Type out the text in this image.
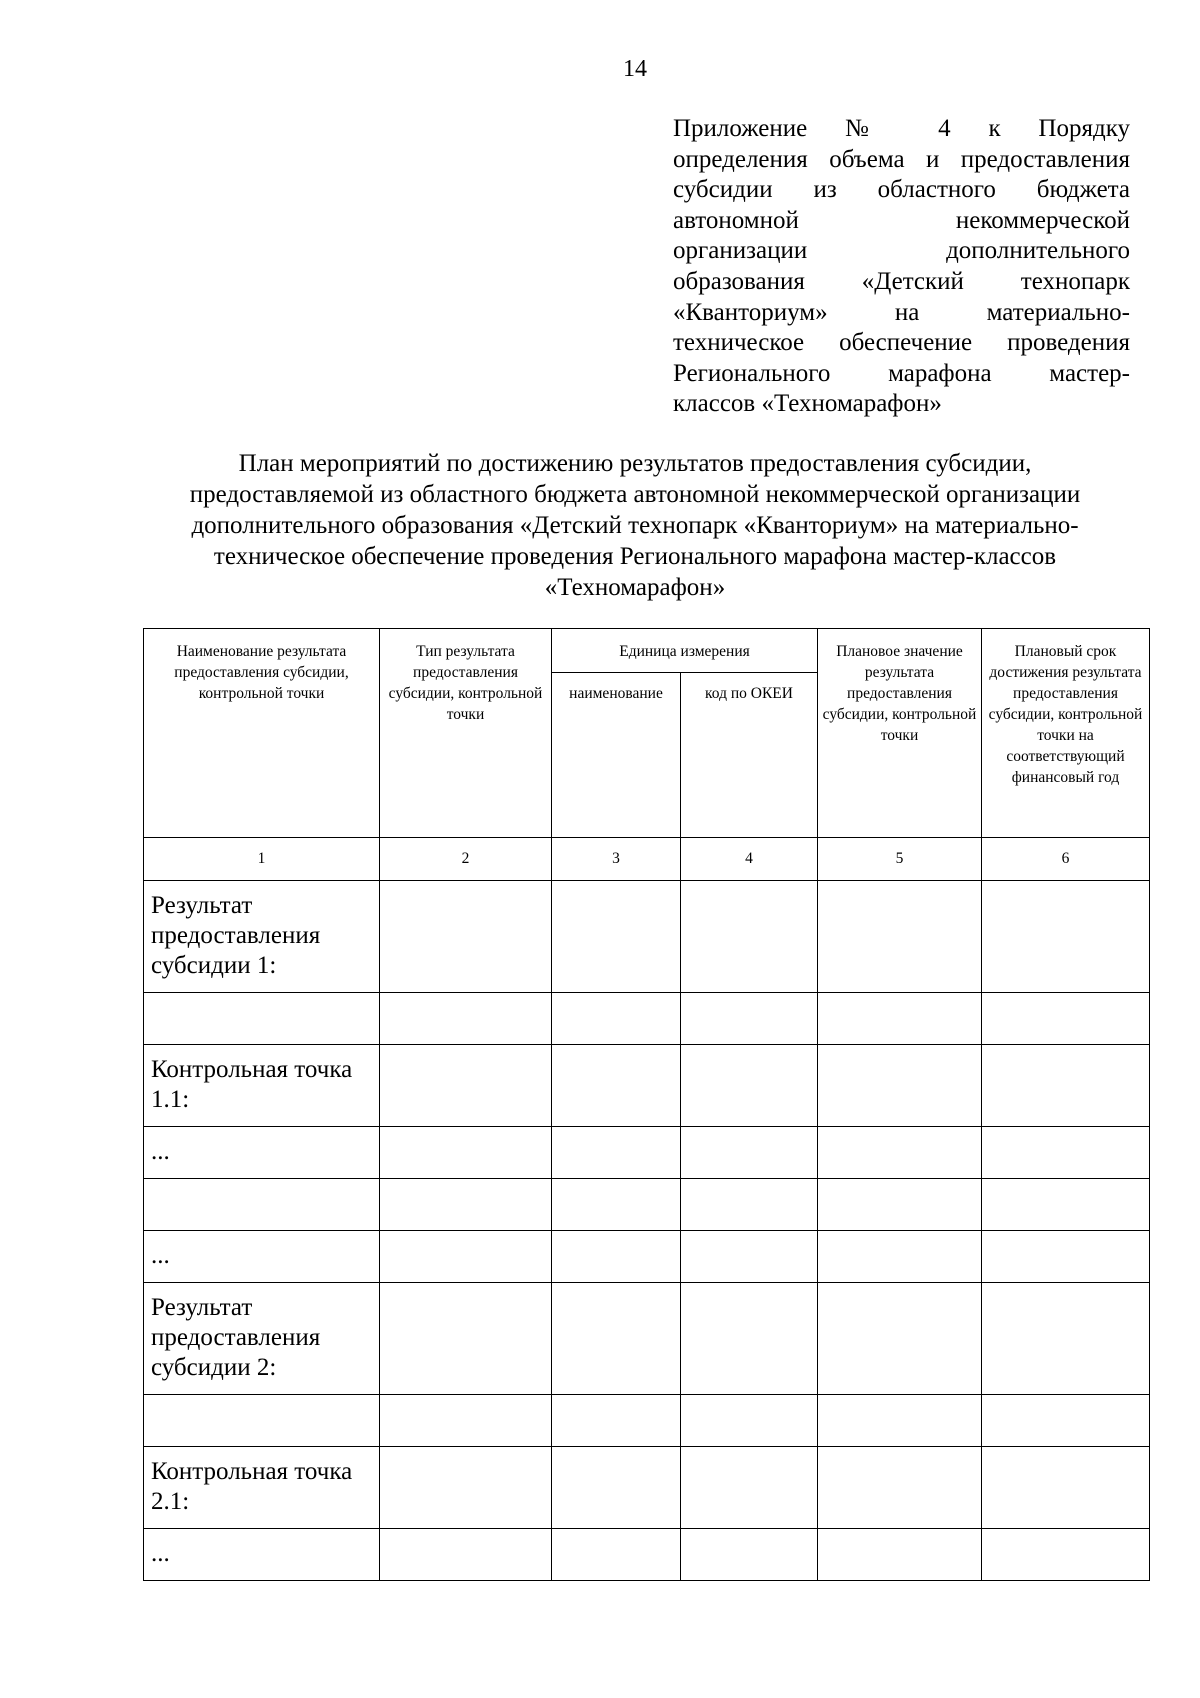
14
Приложение № 4 к Порядку
определения объема и предоставления
субсидии из областного бюджета
автономной некоммерческой
организации дополнительного
образования «Детский технопарк
«Кванториум» на материально-
техническое обеспечение проведения
Регионального марафона мастер-
классов «Техномарафон»
План мероприятий по достижению результатов предоставления субсидии,
предоставляемой из областного бюджета автономной некоммерческой организации
дополнительного образования «Детский технопарк «Кванториум» на материально-
техническое обеспечение проведения Регионального марафона мастер-классов
«Техномарафон»
Наименование результата предоставления субсидии, контрольной точки	Тип результата предоставления субсидии, контрольной точки	Единица измерения		Плановое значение результата предоставления субсидии, контрольной точки	Плановый срок достижения результата предоставления субсидии, контрольной точки на соответствующий финансовый год
		наименование	код по ОКЕИ		
1	2	3	4	5	6
Результат предоставления субсидии 1:					

Контрольная точка 1.1:					
...					

...					
Результат предоставления субсидии 2:					

Контрольная точка 2.1:					
...					
